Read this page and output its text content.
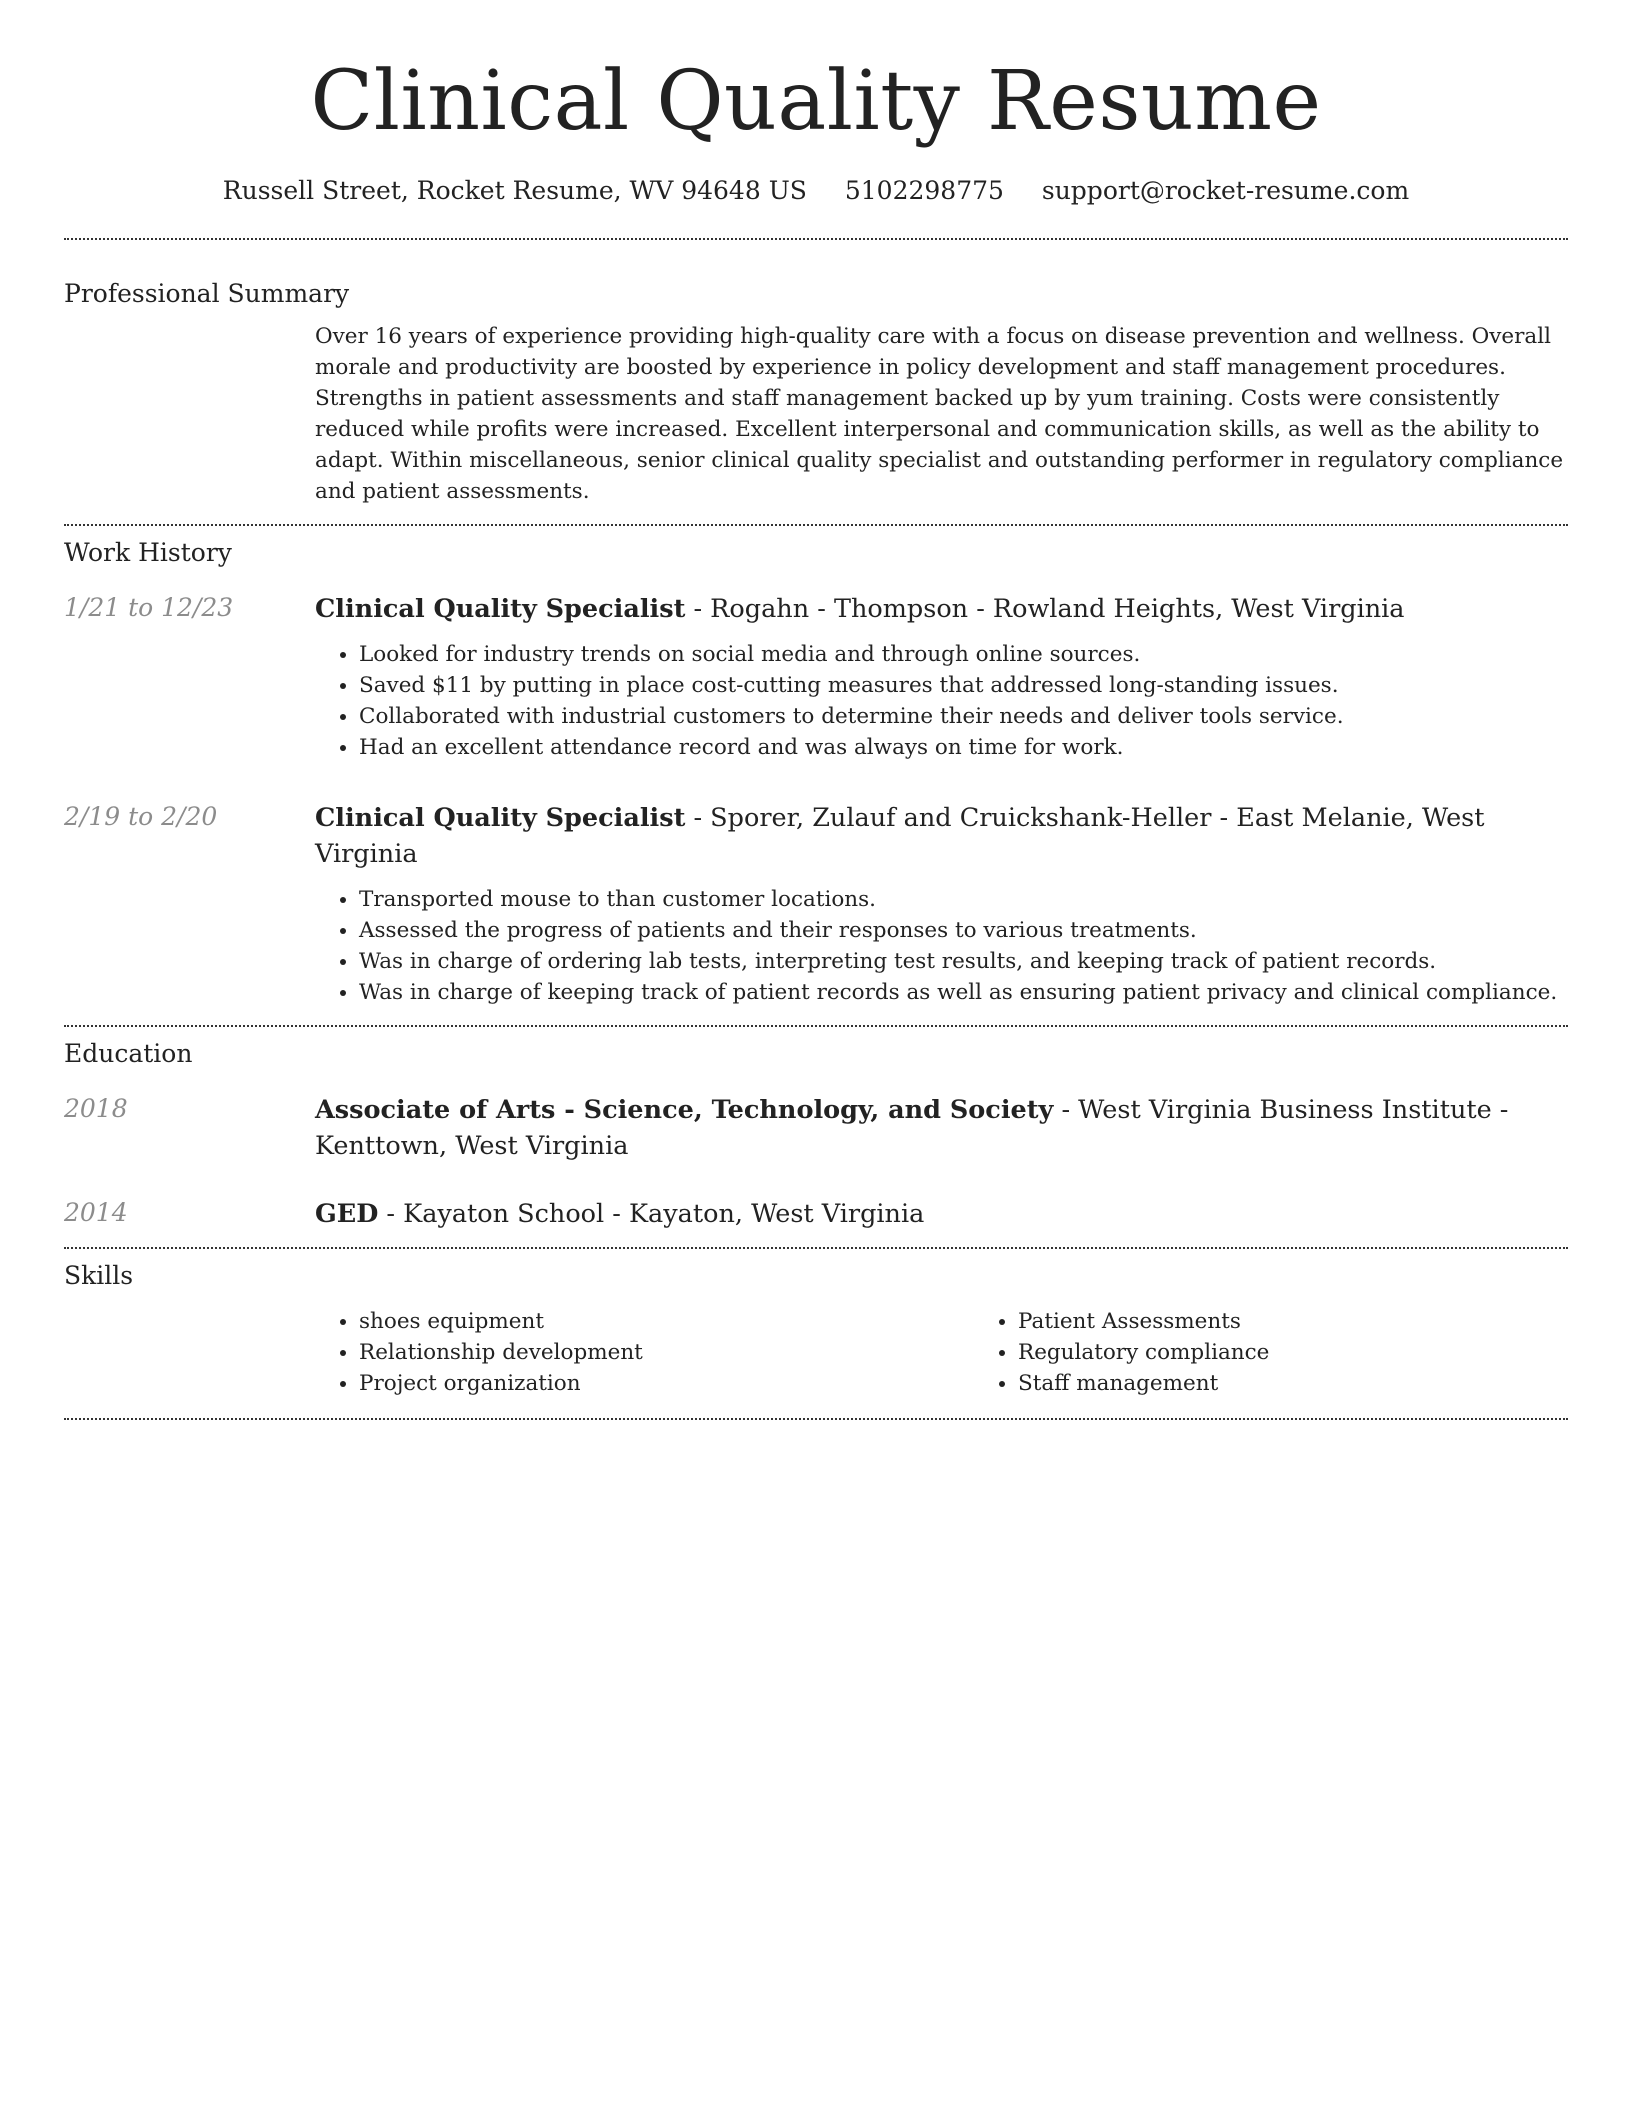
Clinical Quality Resume
Russell Street, Rocket Resume, WV 94648 US 5102298775 support@rocket-resume.com
Professional Summary

Over 16 years of experience providing high-quality care with a focus on disease prevention and wellness. Overall morale and productivity are boosted by experience in policy development and staff management procedures. Strengths in patient assessments and staff management backed up by yum training. Costs were consistently reduced while profits were increased. Excellent interpersonal and communication skills, as well as the ability to adapt. Within miscellaneous, senior clinical quality specialist and outstanding performer in regulatory compliance and patient assessments.

Work History
1/21 to 12/23	Clinical Quality Specialist - Rogahn - Thompson - Rowland Heights, West Virginia

• Looked for industry trends on social media and through online sources.
• Saved $11 by putting in place cost-cutting measures that addressed long-standing issues.
• Collaborated with industrial customers to determine their needs and deliver tools service.
• Had an excellent attendance record and was always on time for work.
2/19 to 2/20	Clinical Quality Specialist - Sporer, Zulauf and Cruickshank-Heller - East Melanie, West Virginia

• Transported mouse to than customer locations.
• Assessed the progress of patients and their responses to various treatments.
• Was in charge of ordering lab tests, interpreting test results, and keeping track of patient records.
• Was in charge of keeping track of patient records as well as ensuring patient privacy and clinical compliance.
Education
2018	Associate of Arts - Science, Technology, and Society - West Virginia Business Institute - Kenttown, West Virginia

2014	GED - Kayaton School - Kayaton, West Virginia

Skills
• shoes equipment
• Relationship development
• Project organization
• Patient Assessments
• Regulatory compliance
• Staff management
